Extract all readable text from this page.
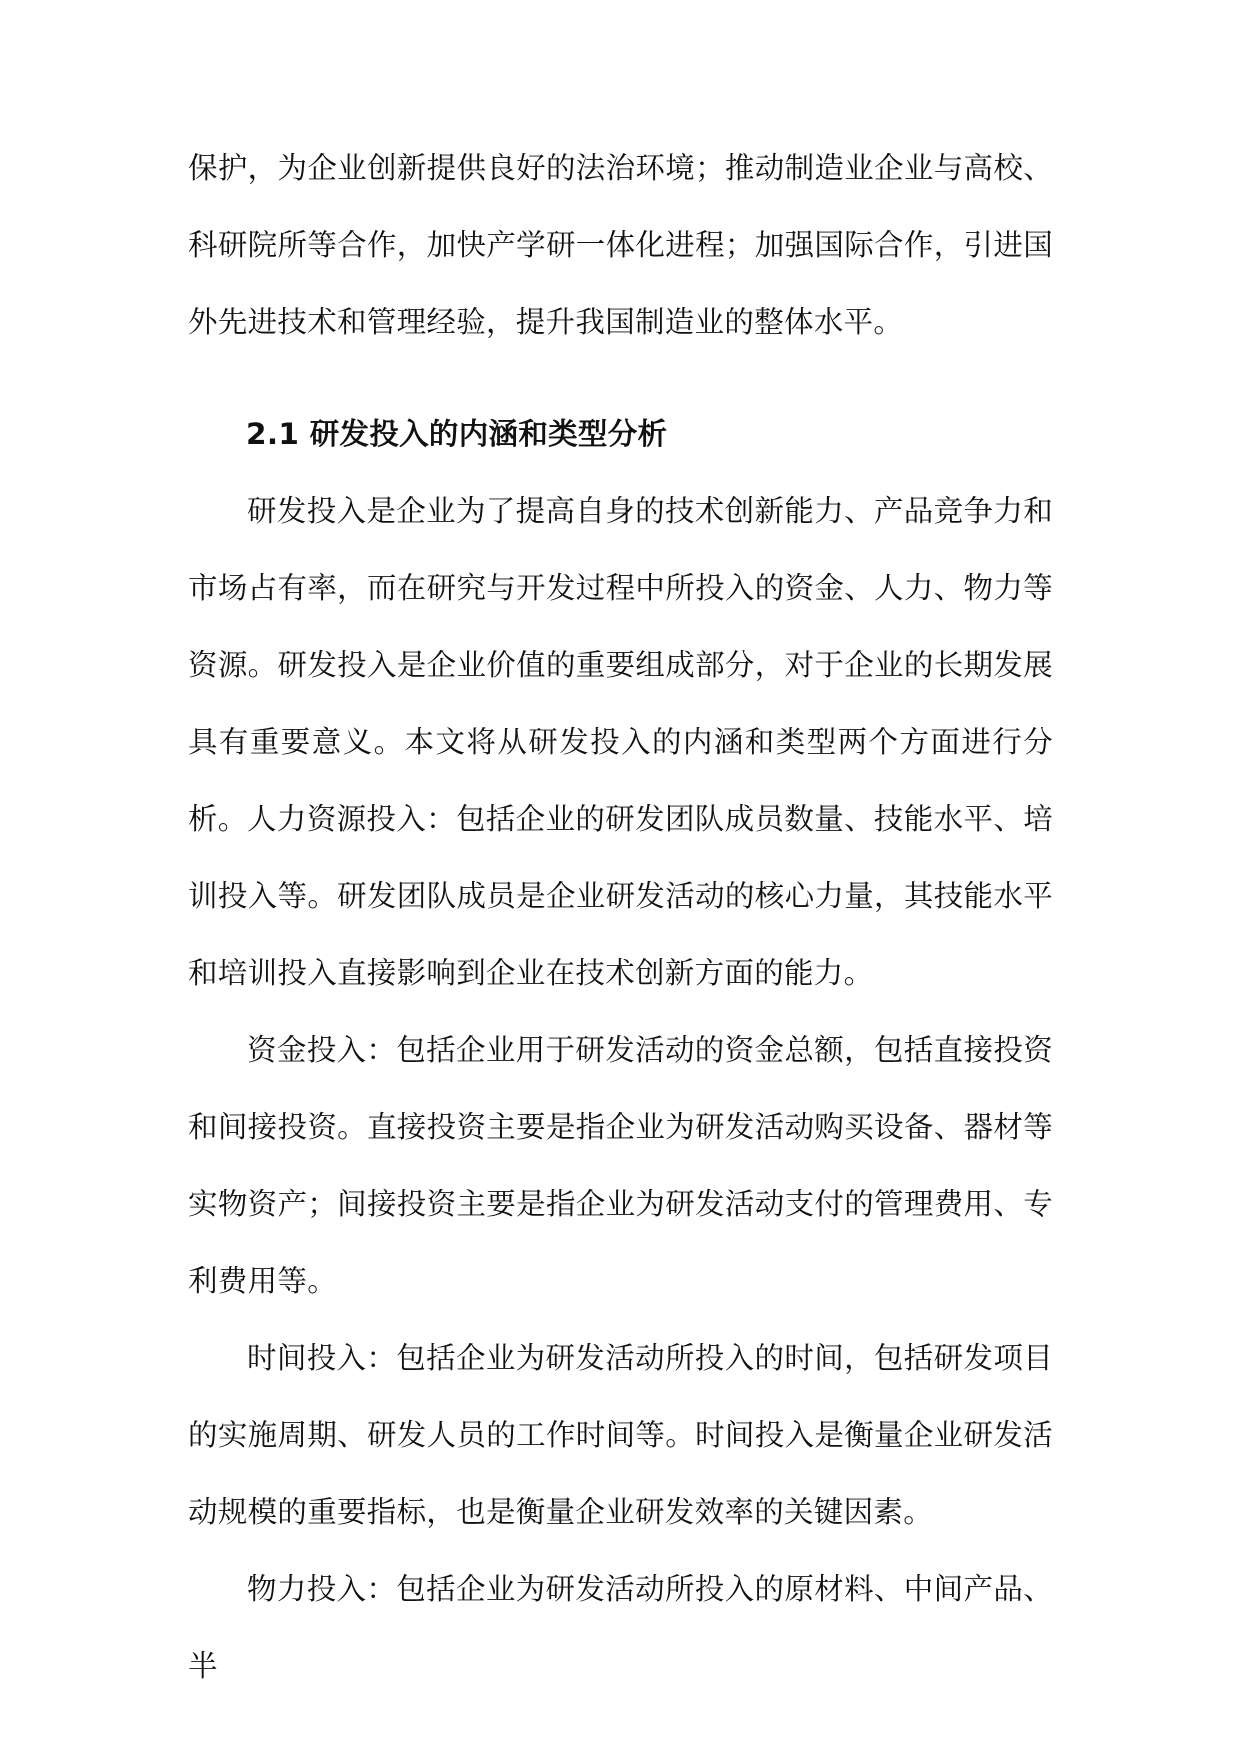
保护，为企业创新提供良好的法治环境；推动制造业企业与高校、科研院所等合作，加快产学研一体化进程；加强国际合作，引进国外先进技术和管理经验，提升我国制造业的整体水平。

2.1 研发投入的内涵和类型分析

研发投入是企业为了提高自身的技术创新能力、产品竞争力和市场占有率，而在研究与开发过程中所投入的资金、人力、物力等资源。研发投入是企业价值的重要组成部分，对于企业的长期发展具有重要意义。本文将从研发投入的内涵和类型两个方面进行分析。 人力资源投入：包括企业的研发团队成员数量、技能水平、培训投入等。研发团队成员是企业研发活动的核心力量，其技能水平和培训投入直接影响到企业在技术创新方面的能力。

资金投入：包括企业用于研发活动的资金总额，包括直接投资和间接投资。直接投资主要是指企业为研发活动购买设备、器材等实物资产；间接投资主要是指企业为研发活动支付的管理费用、专利费用等。

时间投入：包括企业为研发活动所投入的时间，包括研发项目的实施周期、研发人员的工作时间等。时间投入是衡量企业研发活动规模的重要指标，也是衡量企业研发效率的关键因素。

物力投入：包括企业为研发活动所投入的原材料、中间产品、半
